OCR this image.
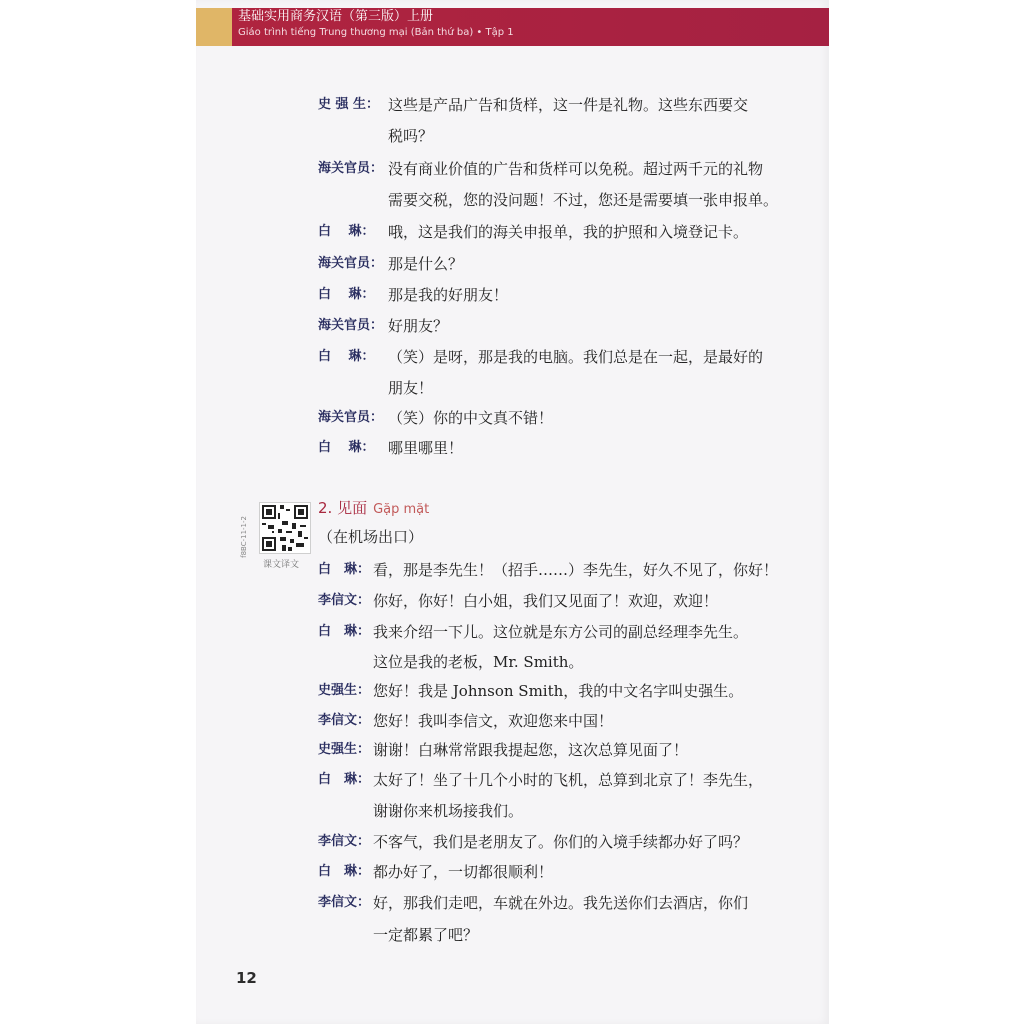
基础实用商务汉语（第三版）上册
Giáo trình tiếng Trung thương mại (Bản thứ ba) • Tập 1
史 强 生： 这些是产品广告和货样，这一件是礼物。这些东西要交
税吗？
海关官员： 没有商业价值的广告和货样可以免税。超过两千元的礼物
需要交税，您的没问题！不过，您还是需要填一张申报单。
白　 琳： 哦，这是我们的海关申报单，我的护照和入境登记卡。
海关官员： 那是什么？
白　 琳： 那是我的好朋友！
海关官员： 好朋友？
白　 琳： （笑）是呀，那是我的电脑。我们总是在一起，是最好的
朋友！
海关官员： （笑）你的中文真不错！
白　 琳： 哪里哪里！
f8BC-11-1-2
课文译文
2. 见面 Gặp mặt
（在机场出口）
白　琳： 看，那是李先生！（招手……）李先生，好久不见了，你好！
李信文： 你好，你好！白小姐，我们又见面了！欢迎，欢迎！
白　琳： 我来介绍一下儿。这位就是东方公司的副总经理李先生。
这位是我的老板，Mr. Smith。
史强生： 您好！我是 Johnson Smith，我的中文名字叫史强生。
李信文： 您好！我叫李信文，欢迎您来中国！
史强生： 谢谢！白琳常常跟我提起您，这次总算见面了！
白　琳： 太好了！坐了十几个小时的飞机，总算到北京了！李先生，
谢谢你来机场接我们。
李信文： 不客气，我们是老朋友了。你们的入境手续都办好了吗？
白　琳： 都办好了，一切都很顺利！
李信文： 好，那我们走吧，车就在外边。我先送你们去酒店，你们
一定都累了吧？
12
